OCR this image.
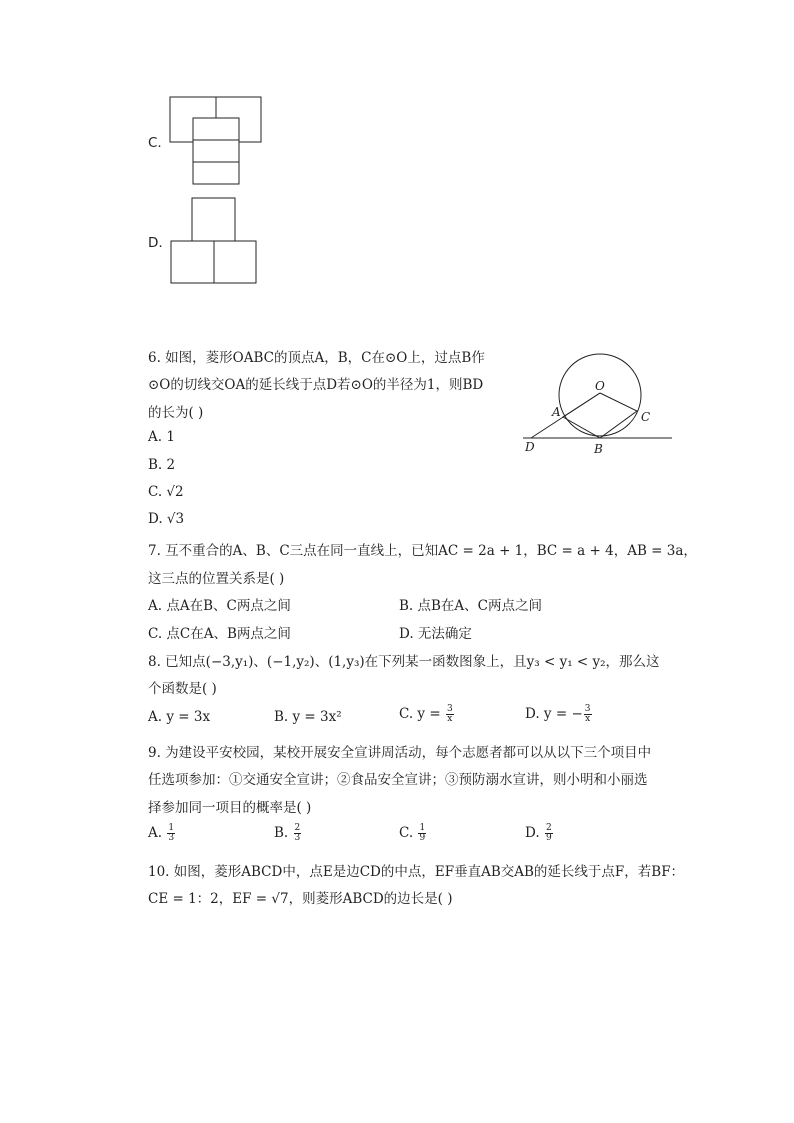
C.
D.
6. 如图，菱形OABC的顶点A，B，C在⊙O上，过点B作
⊙O的切线交OA的延长线于点D若⊙O的半径为1，则BD
的长为( )
A. 1
B. 2
C. √2
D. √3
O
A	C
D	B
7. 互不重合的A、B、C三点在同一直线上，已知AC = 2a + 1，BC = a + 4，AB = 3a，
这三点的位置关系是( )
A. 点A在B、C两点之间	B. 点B在A、C两点之间
C. 点C在A、B两点之间	D. 无法确定
8. 已知点(−3,y₁)、(−1,y₂)、(1,y₃)在下列某一函数图象上，且y₃ < y₁ < y₂，那么这
个函数是( )
A. y = 3x	B. y = 3x²	C. $y = \frac{3}{x}$	D. y = − $\frac{3}{x}$
9. 为建设平安校园，某校开展安全宣讲周活动，每个志愿者都可以从以下三个项目中
任选项参加：①交通安全宣讲；②食品安全宣讲；③预防溺水宣讲，则小明和小丽选
择参加同一项目的概率是( )
A. $\frac{1}{3}$	B. $\frac{2}{3}$	C. $\frac{1}{9}$	D. $\frac{2}{9}$
10. 如图，菱形ABCD中，点E是边CD的中点，EF垂直AB交AB的延长线于点F，若BF：
CE = 1：2，EF = √7，则菱形ABCD的边长是( )
